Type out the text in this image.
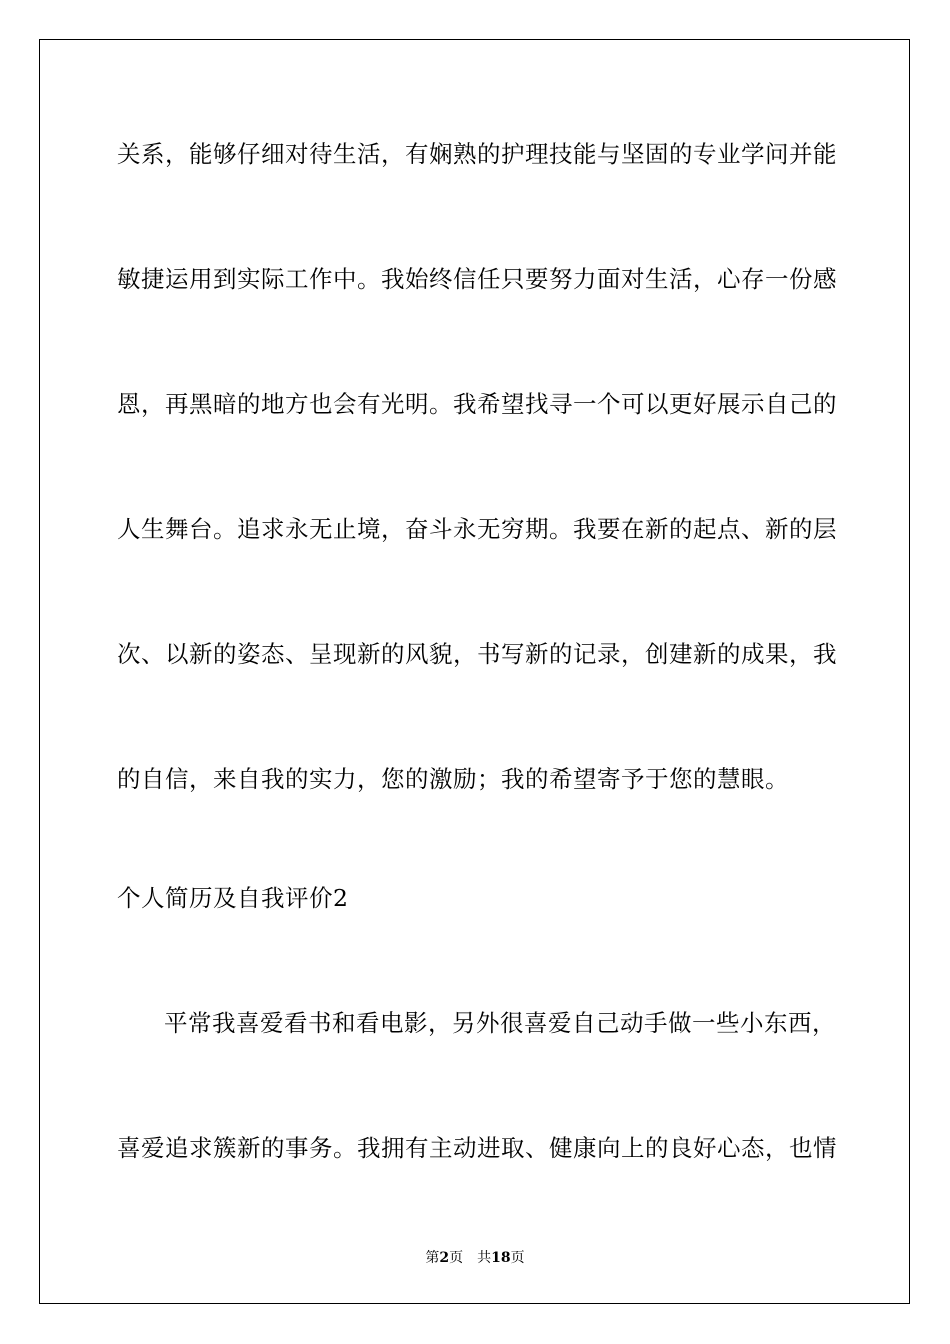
关系，能够仔细对待生活，有娴熟的护理技能与坚固的专业学问并能
敏捷运用到实际工作中。我始终信任只要努力面对生活，心存一份感
恩，再黑暗的地方也会有光明。我希望找寻一个可以更好展示自己的
人生舞台。追求永无止境，奋斗永无穷期。我要在新的起点、新的层
次、以新的姿态、呈现新的风貌，书写新的记录，创建新的成果，我
的自信，来自我的实力，您的激励；我的希望寄予于您的慧眼。
个人简历及自我评价2
平常我喜爱看书和看电影，另外很喜爱自己动手做一些小东西，
喜爱追求簇新的事务。我拥有主动进取、健康向上的良好心态，也情
第2页 共18页
